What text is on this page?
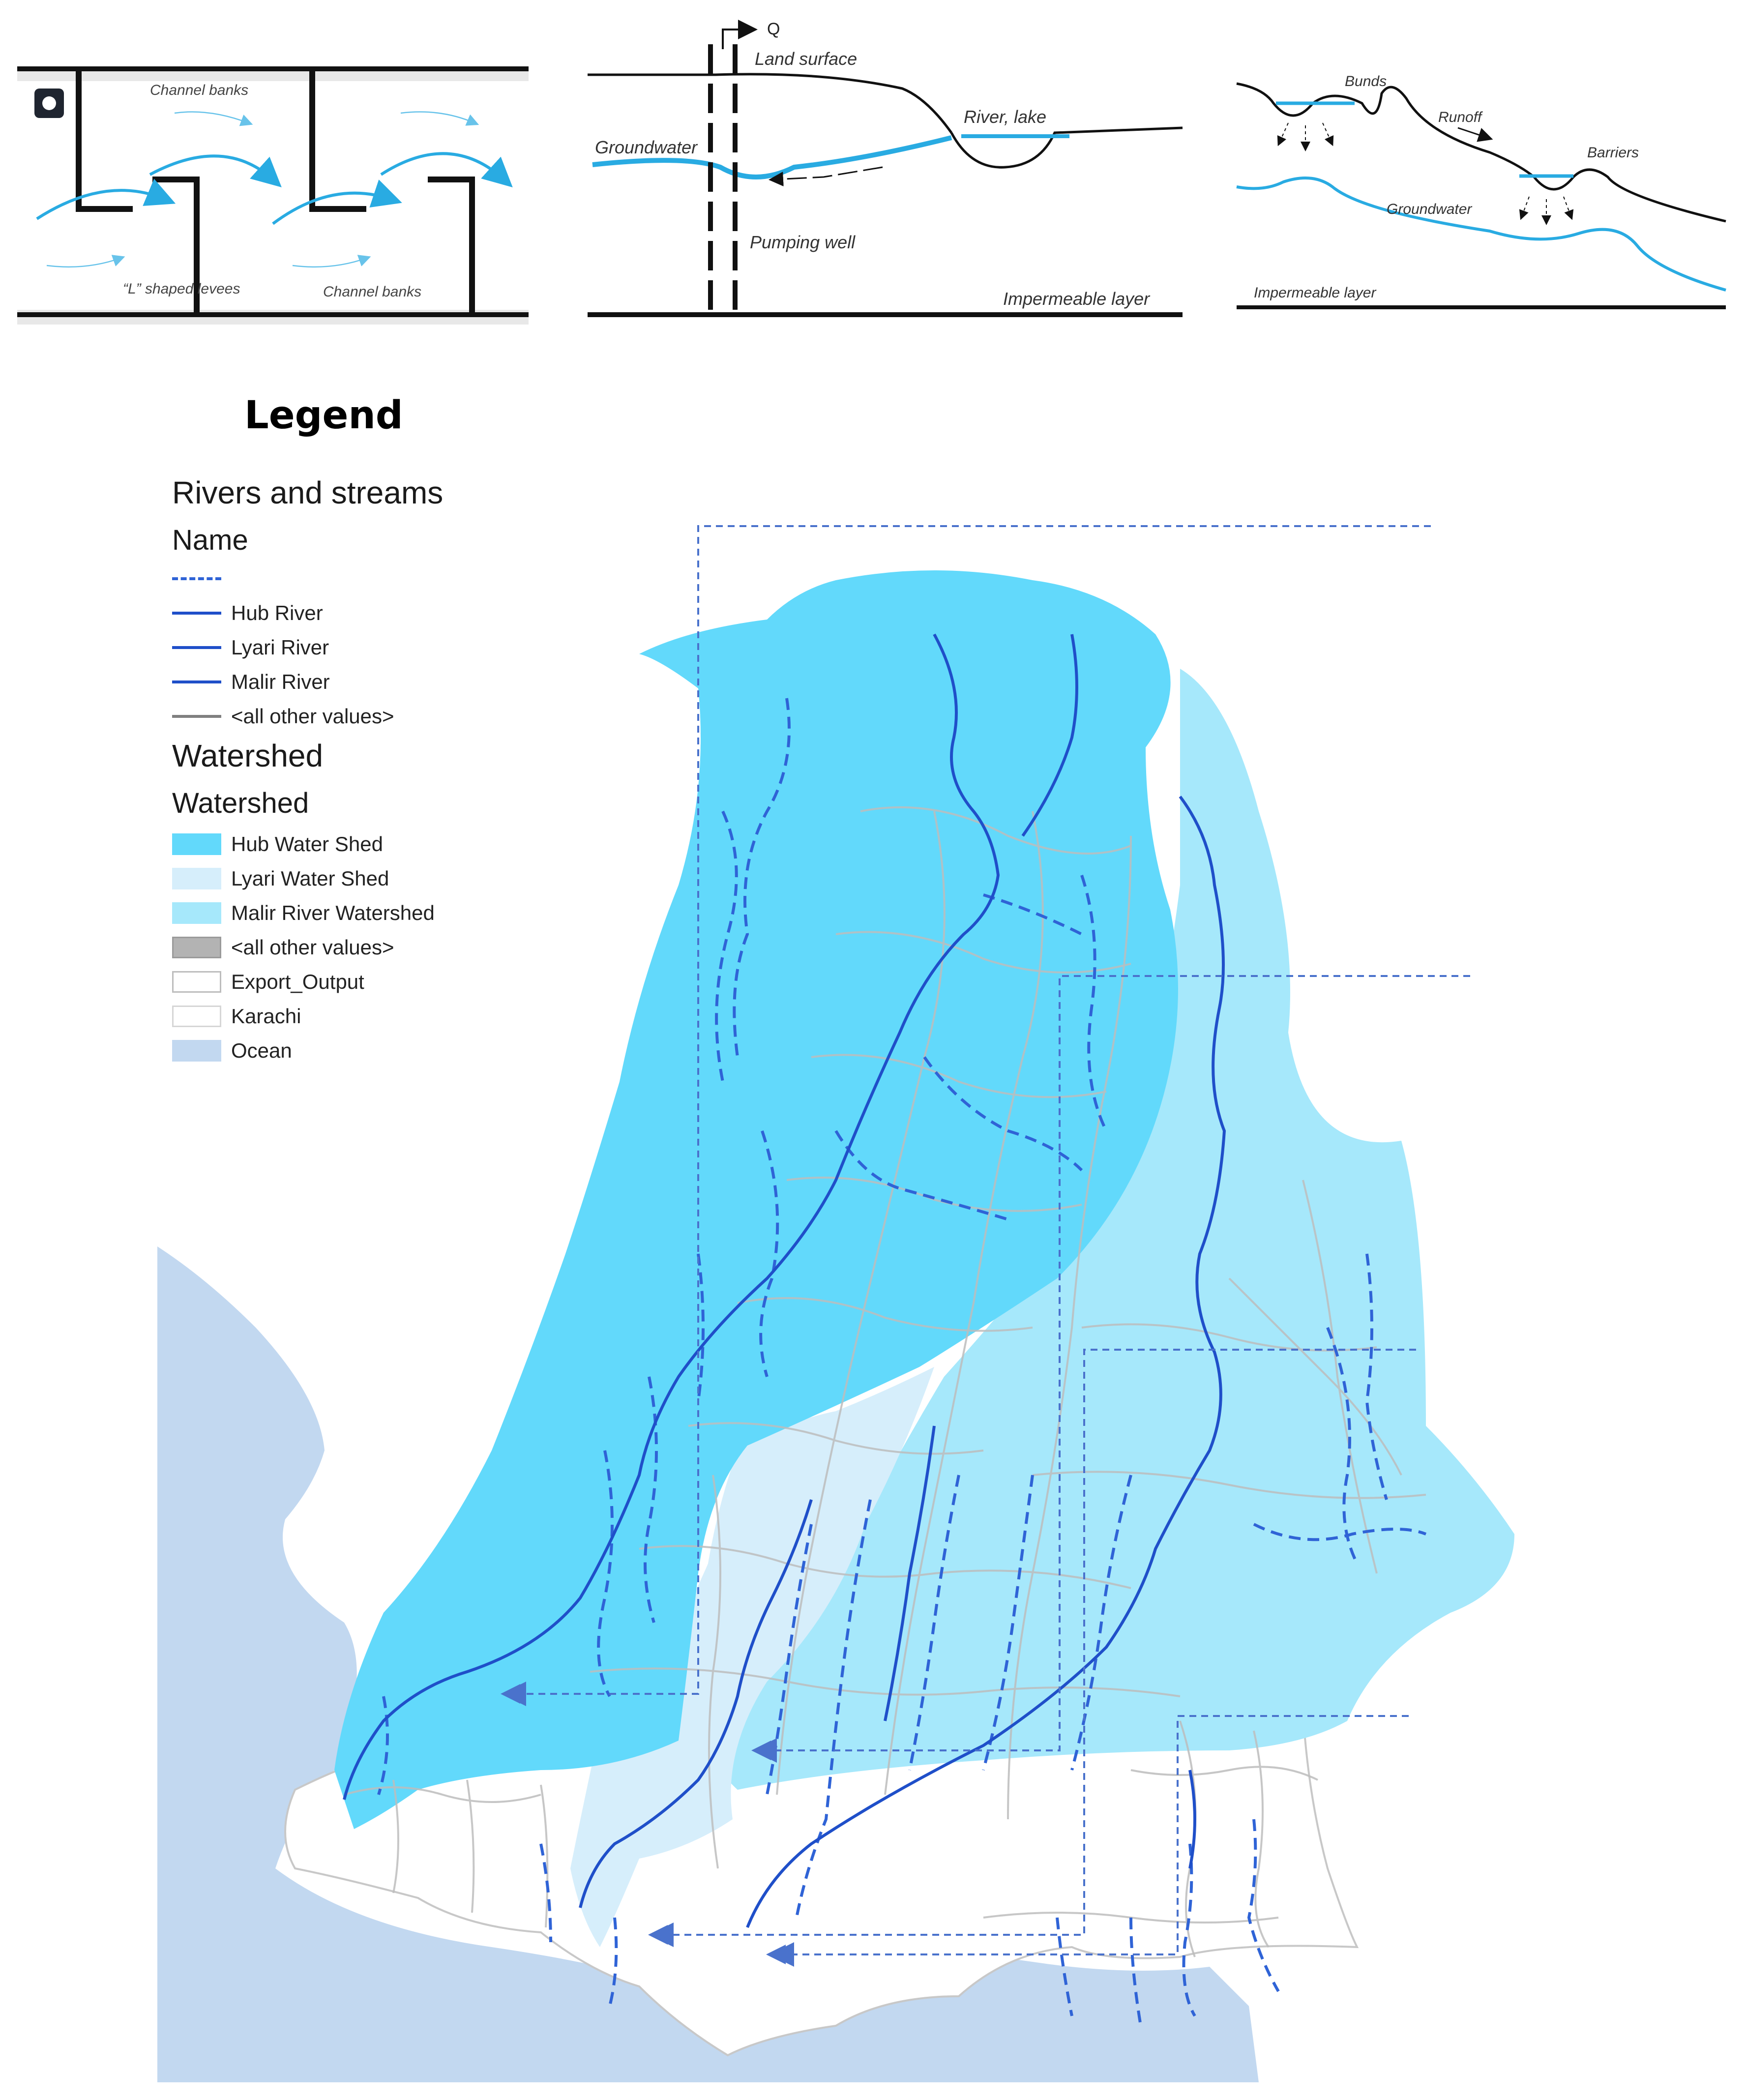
Channel banks
“L” shaped levees	Channel banks
Q
Land surface
River, lake
Groundwater
Pumping well
Impermeable layer
Bunds
Runoff
Barriers
Groundwater
Impermeable layer
Legend
Rivers and streams
Name
Hub River
Lyari River
Malir River
<all other values>
Watershed
Watershed
Hub Water Shed
Lyari Water Shed
Malir River Watershed
<all other values>
Export_Output
Karachi
Ocean
